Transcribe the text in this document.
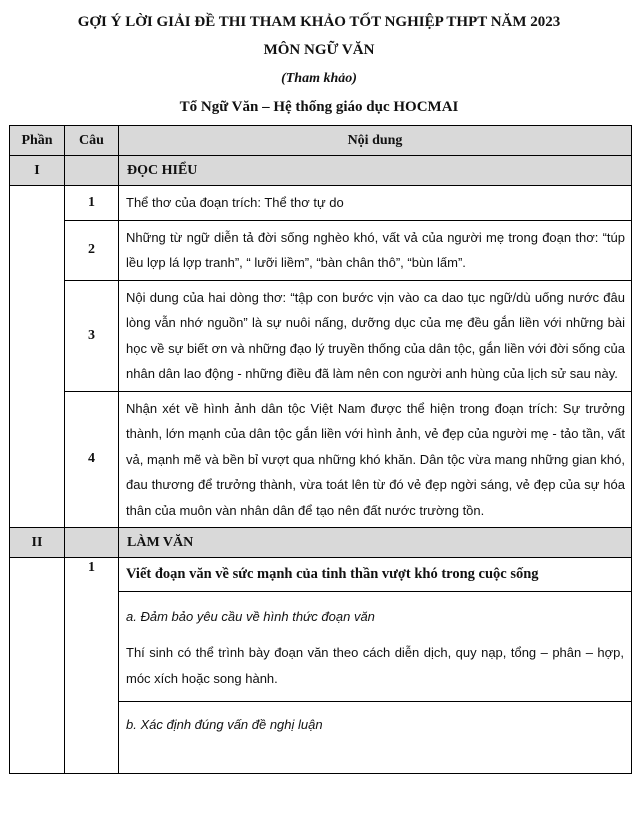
GỢI Ý LỜI GIẢI ĐỀ THI THAM KHẢO TỐT NGHIỆP THPT NĂM 2023
MÔN NGỮ VĂN
(Tham khảo)
Tổ Ngữ Văn – Hệ thống giáo dục HOCMAI
Phần	Câu	Nội dung
I		ĐỌC HIỂU
	1	Thể thơ của đoạn trích: Thể thơ tự do
	2	Những từ ngữ diễn tả đời sống nghèo khó, vất vả của người mẹ trong đoạn thơ: “túp lều lợp lá lợp tranh”, “ lưỡi liềm”, “bàn chân thô”, “bùn lấm”.
	3	Nội dung của hai dòng thơ: “tập con bước vịn vào ca dao tục ngữ/dù uống nước đâu lòng vẫn nhớ nguồn” là sự nuôi nấng, dưỡng dục của mẹ đều gắn liền với những bài học về sự biết ơn và những đạo lý truyền thống của dân tộc, gắn liền với đời sống của nhân dân lao động - những điều đã làm nên con người anh hùng của lịch sử sau này.
	4	Nhận xét về hình ảnh dân tộc Việt Nam được thể hiện trong đoạn trích: Sự trưởng thành, lớn mạnh của dân tộc gắn liền với hình ảnh, vẻ đẹp của người mẹ - tảo tần, vất vả, mạnh mẽ và bền bỉ vượt qua những khó khăn. Dân tộc vừa mang những gian khó, đau thương để trưởng thành, vừa toát lên từ đó vẻ đẹp ngời sáng, vẻ đẹp của sự hóa thân của muôn vàn nhân dân để tạo nên đất nước trường tồn.
II		LÀM VĂN
	1	Viết đoạn văn về sức mạnh của tinh thần vượt khó trong cuộc sống
a. Đảm bảo yêu cầu về hình thức đoạn văn
Thí sinh có thể trình bày đoạn văn theo cách diễn dịch, quy nạp, tổng – phân – hợp, móc xích hoặc song hành.
b. Xác định đúng vấn đề nghị luận
